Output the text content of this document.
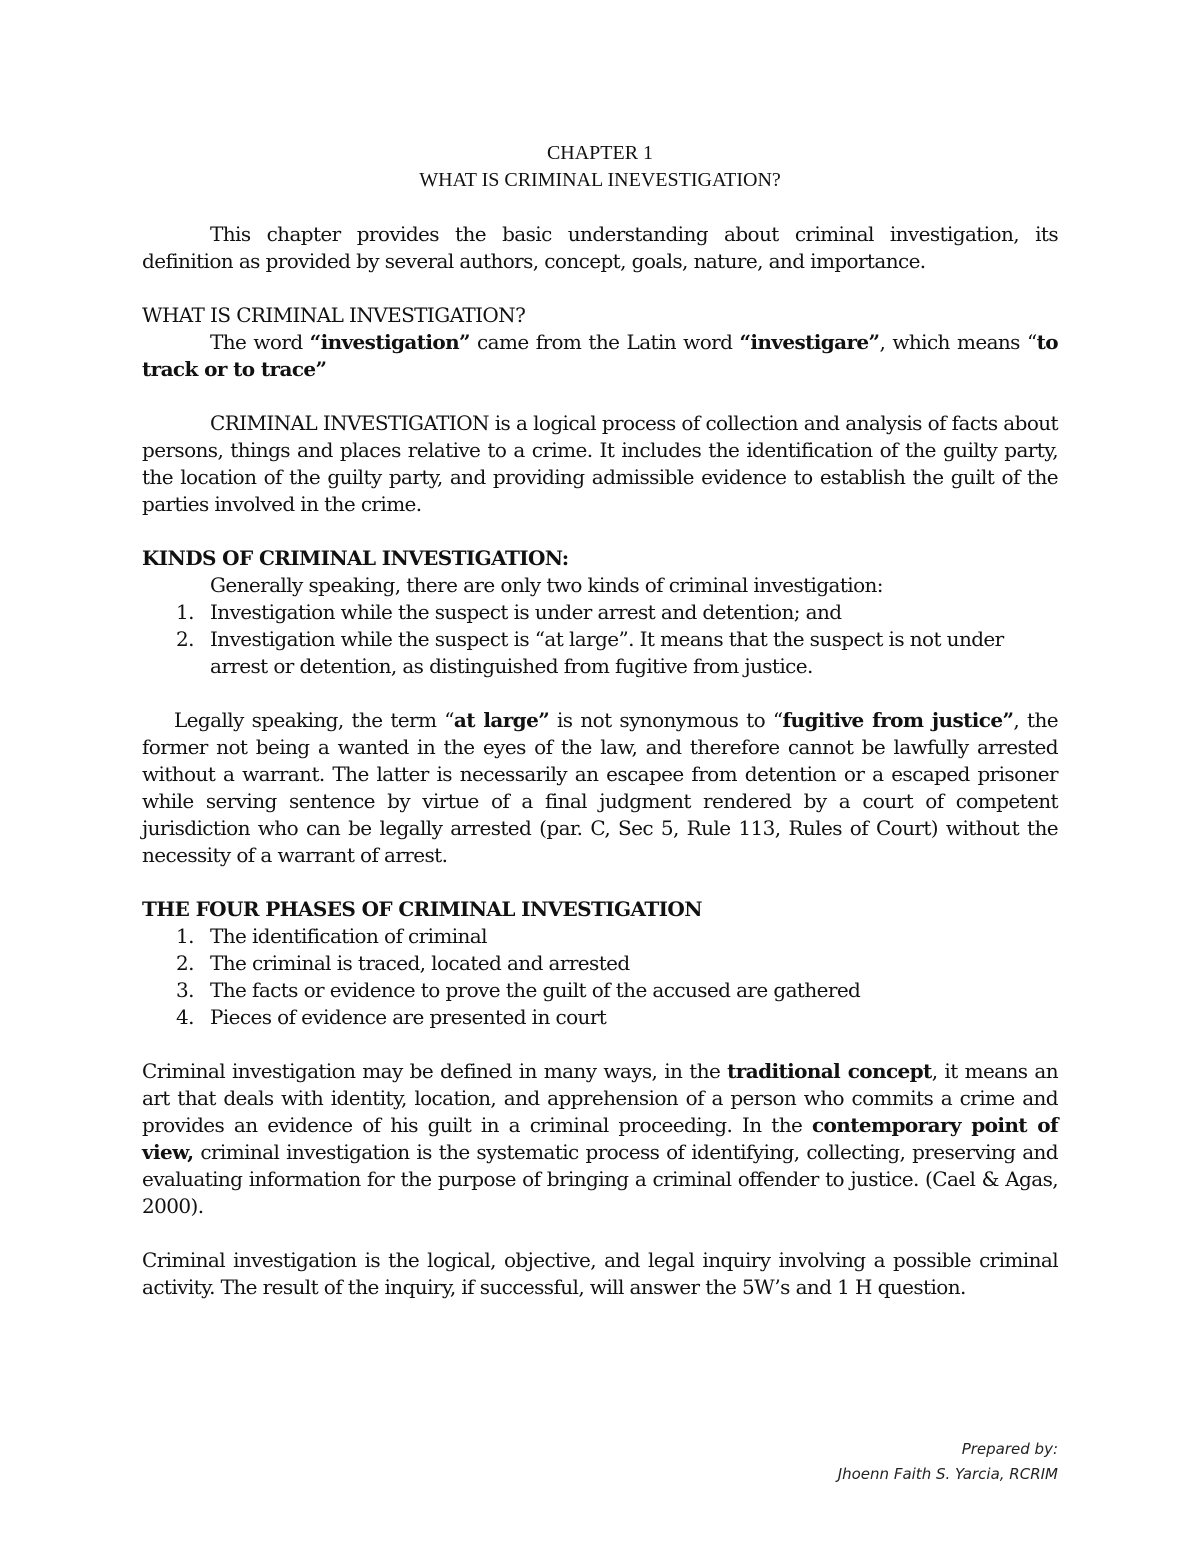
CHAPTER 1
WHAT IS CRIMINAL INEVESTIGATION?

This chapter provides the basic understanding about criminal investigation, its definition as provided by several authors, concept, goals, nature, and importance.

WHAT IS CRIMINAL INVESTIGATION?

The word “investigation” came from the Latin word “investigare”, which means “to track or to trace”

CRIMINAL INVESTIGATION is a logical process of collection and analysis of facts about persons, things and places relative to a crime. It includes the identification of the guilty party, the location of the guilty party, and providing admissible evidence to establish the guilt of the parties involved in the crime.

KINDS OF CRIMINAL INVESTIGATION:

Generally speaking, there are only two kinds of criminal investigation:

1. Investigation while the suspect is under arrest and detention; and
2. Investigation while the suspect is “at large”. It means that the suspect is not under arrest or detention, as distinguished from fugitive from justice.

Legally speaking, the term “at large” is not synonymous to “fugitive from justice”, the former not being a wanted in the eyes of the law, and therefore cannot be lawfully arrested without a warrant. The latter is necessarily an escapee from detention or a escaped prisoner while serving sentence by virtue of a final judgment rendered by a court of competent jurisdiction who can be legally arrested (par. C, Sec 5, Rule 113, Rules of Court) without the necessity of a warrant of arrest.

THE FOUR PHASES OF CRIMINAL INVESTIGATION

1. The identification of criminal
2. The criminal is traced, located and arrested
3. The facts or evidence to prove the guilt of the accused are gathered
4. Pieces of evidence are presented in court

Criminal investigation may be defined in many ways, in the traditional concept, it means an art that deals with identity, location, and apprehension of a person who commits a crime and provides an evidence of his guilt in a criminal proceeding. In the contemporary point of view, criminal investigation is the systematic process of identifying, collecting, preserving and evaluating information for the purpose of bringing a criminal offender to justice. (Cael & Agas, 2000).

Criminal investigation is the logical, objective, and legal inquiry involving a possible criminal activity. The result of the inquiry, if successful, will answer the 5W’s and 1 H question.

Prepared by:
Jhoenn Faith S. Yarcia, RCRIM
